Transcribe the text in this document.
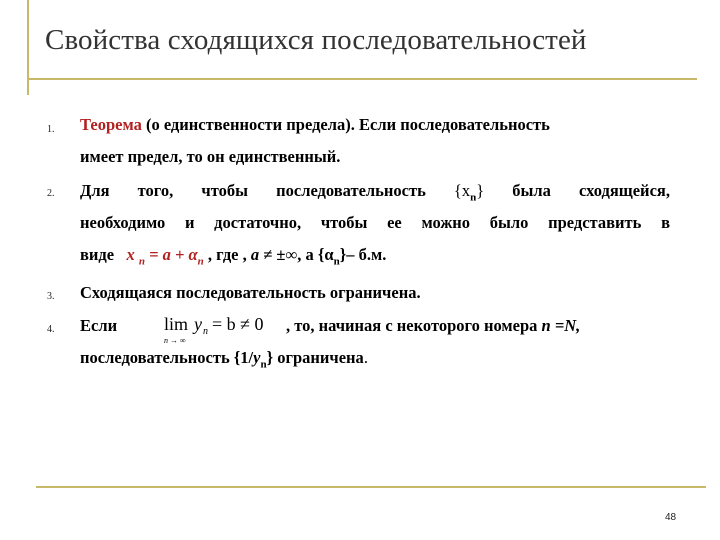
Свойства сходящихся последовательностей
1. Теорема (о единственности предела). Если последовательность
имеет предел, то он единственный.
2. Для того, чтобы последовательность $\{x_n\}$ была сходящейся,
необходимо и достаточно, чтобы ее можно было представить в
виде x $_n = a + \alpha_n$ , где , a ≠ ±∞, а $\{\alpha_n\}-$ б.м.
3. Сходящаяся последовательность ограничена.
4. Если	lim y n = b ≠ 0
n → ∞
, то, начиная с некоторого номера n =N,
последовательность $\{1/y_n\}$ ограничена.
48
